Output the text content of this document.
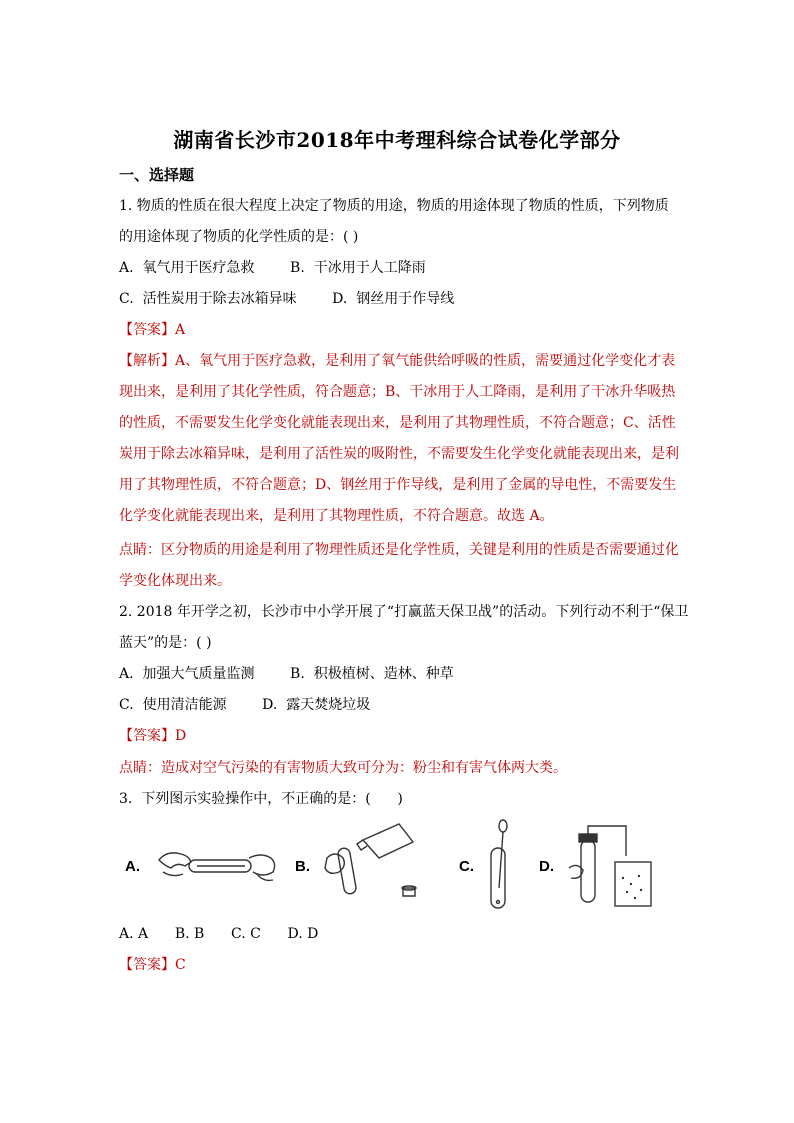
湖南省长沙市2018年中考理科综合试卷化学部分
一、选择题
1. 物质的性质在很大程度上决定了物质的用途，物质的用途体现了物质的性质，下列物质
的用途体现了物质的化学性质的是：( )
A.  氧气用于医疗急救        B.  干冰用于人工降雨
C.  活性炭用于除去冰箱异味        D.  钢丝用于作导线
【答案】A
【解析】A、氧气用于医疗急救，是利用了氧气能供给呼吸的性质，需要通过化学变化才表
现出来，是利用了其化学性质，符合题意；B、干冰用于人工降雨，是利用了干冰升华吸热
的性质，不需要发生化学变化就能表现出来，是利用了其物理性质，不符合题意；C、活性
炭用于除去冰箱异味，是利用了活性炭的吸附性，不需要发生化学变化就能表现出来，是利
用了其物理性质，不符合题意；D、钢丝用于作导线，是利用了金属的导电性，不需要发生
化学变化就能表现出来，是利用了其物理性质，不符合题意。故选 A。
点睛：区分物质的用途是利用了物理性质还是化学性质，关键是利用的性质是否需要通过化
学变化体现出来。
2. 2018 年开学之初，长沙市中小学开展了“打赢蓝天保卫战”的活动。下列行动不利于“保卫
蓝天”的是：( )
A.  加强大气质量监测        B.  积极植树、造林、种草
C.  使用清洁能源        D.  露天焚烧垃圾
【答案】D
点睛：造成对空气污染的有害物质大致可分为：粉尘和有害气体两大类。
3.  下列图示实验操作中，不正确的是：(      )
A.	B.	C.	D.
A. A      B. B      C. C      D. D
【答案】C
